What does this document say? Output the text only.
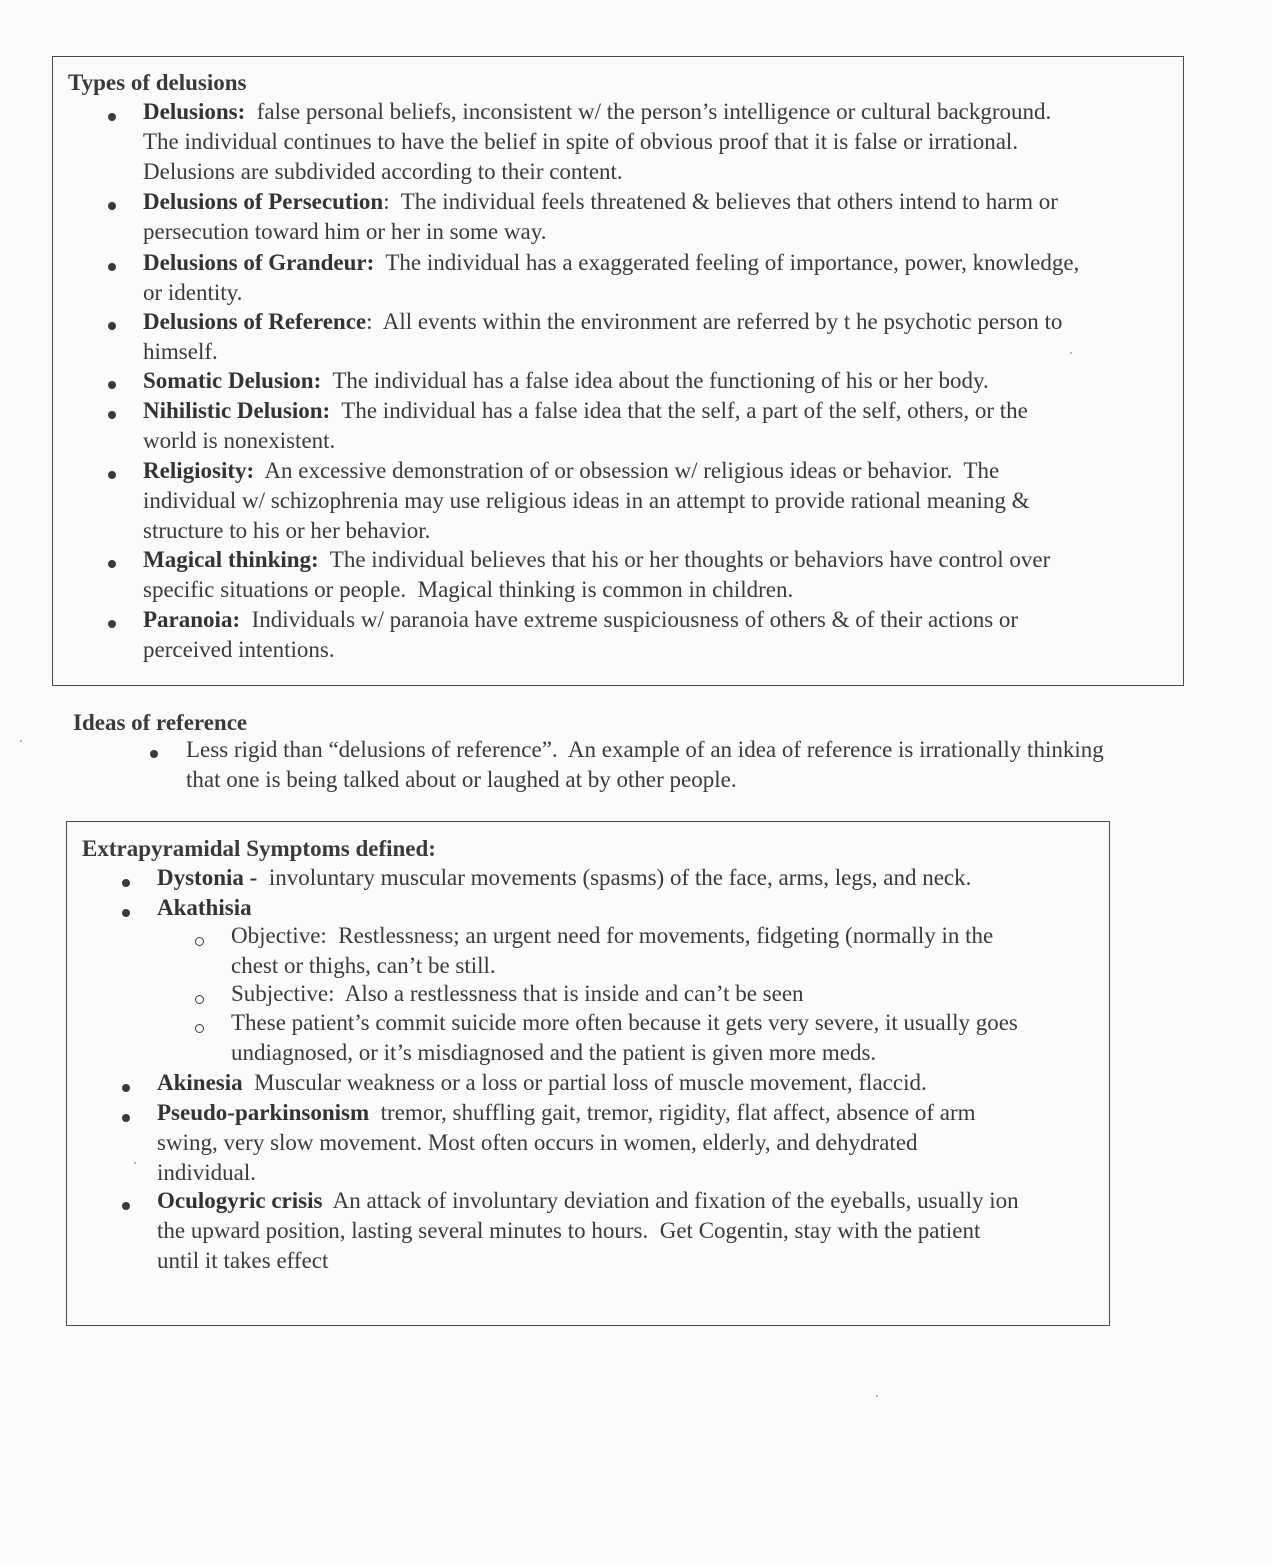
Types of delusions
Delusions:  false personal beliefs, inconsistent w/ the person’s intelligence or cultural background.
The individual continues to have the belief in spite of obvious proof that it is false or irrational.
Delusions are subdivided according to their content.
Delusions of Persecution:  The individual feels threatened & believes that others intend to harm or
persecution toward him or her in some way.
Delusions of Grandeur:  The individual has a exaggerated feeling of importance, power, knowledge,
or identity.
Delusions of Reference:  All events within the environment are referred by t he psychotic person to
himself.
Somatic Delusion:  The individual has a false idea about the functioning of his or her body.
Nihilistic Delusion:  The individual has a false idea that the self, a part of the self, others, or the
world is nonexistent.
Religiosity:  An excessive demonstration of or obsession w/ religious ideas or behavior.  The
individual w/ schizophrenia may use religious ideas in an attempt to provide rational meaning &
structure to his or her behavior.
Magical thinking:  The individual believes that his or her thoughts or behaviors have control over
specific situations or people.  Magical thinking is common in children.
Paranoia:  Individuals w/ paranoia have extreme suspiciousness of others & of their actions or
perceived intentions.
Ideas of reference
Less rigid than “delusions of reference”.  An example of an idea of reference is irrationally thinking
that one is being talked about or laughed at by other people.
Extrapyramidal Symptoms defined:
Dystonia -  involuntary muscular movements (spasms) of the face, arms, legs, and neck.
Akathisia
Objective:  Restlessness; an urgent need for movements, fidgeting (normally in the
chest or thighs, can’t be still.
Subjective:  Also a restlessness that is inside and can’t be seen
These patient’s commit suicide more often because it gets very severe, it usually goes
undiagnosed, or it’s misdiagnosed and the patient is given more meds.
Akinesia  Muscular weakness or a loss or partial loss of muscle movement, flaccid.
Pseudo-parkinsonism  tremor, shuffling gait, tremor, rigidity, flat affect, absence of arm
swing, very slow movement. Most often occurs in women, elderly, and dehydrated
individual.
Oculogyric crisis  An attack of involuntary deviation and fixation of the eyeballs, usually ion
the upward position, lasting several minutes to hours.  Get Cogentin, stay with the patient
until it takes effect
